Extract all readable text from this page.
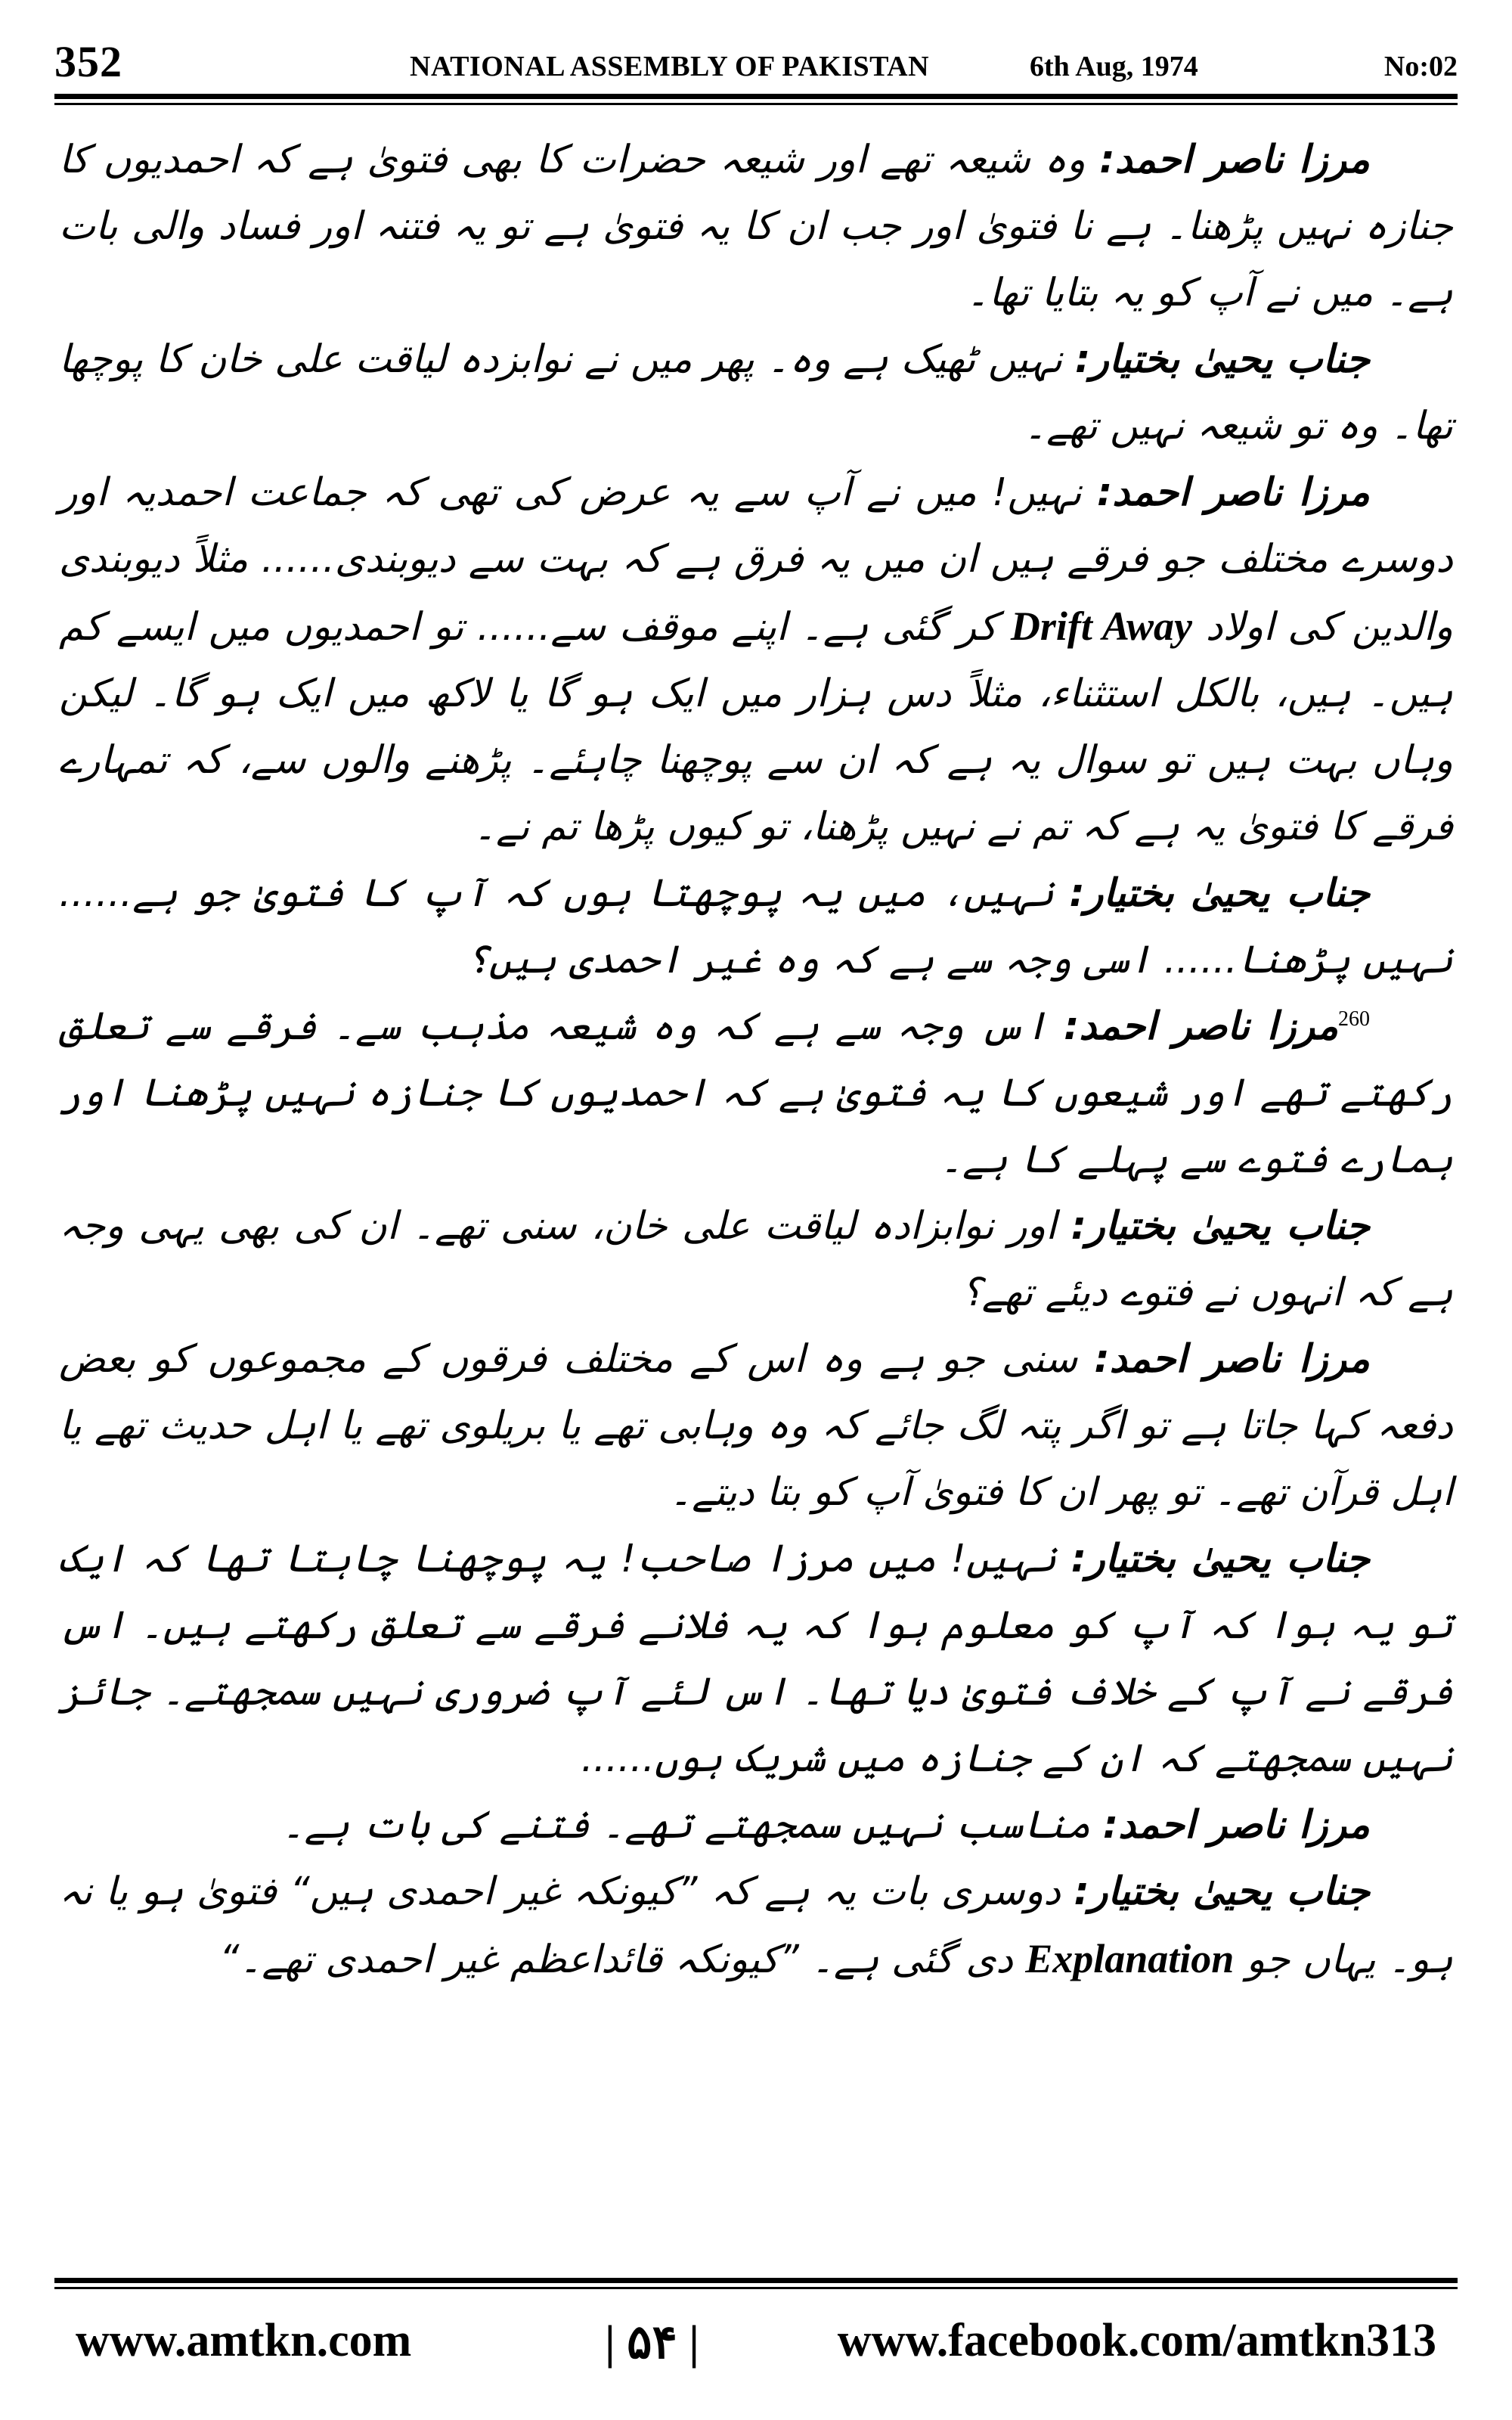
352	NATIONAL ASSEMBLY OF PAKISTAN	6th Aug, 1974	No:02

مرزا ناصر احمد: وہ شیعہ تھے اور شیعہ حضرات کا بھی فتویٰ ہے کہ احمدیوں کا جنازہ نہیں پڑھنا۔ ہے نا فتویٰ اور جب ان کا یہ فتویٰ ہے تو یہ فتنہ اور فساد والی بات ہے۔ میں نے آپ کو یہ بتایا تھا۔

جناب یحییٰ بختیار: نہیں ٹھیک ہے وہ۔ پھر میں نے نوابزدہ لیاقت علی خان کا پوچھا تھا۔ وہ تو شیعہ نہیں تھے۔

مرزا ناصر احمد: نہیں! میں نے آپ سے یہ عرض کی تھی کہ جماعت احمدیہ اور دوسرے مختلف جو فرقے ہیں ان میں یہ فرق ہے کہ بہت سے دیوبندی...... مثلاً دیوبندی والدین کی اولاد Drift Away کر گئی ہے۔ اپنے موقف سے...... تو احمدیوں میں ایسے کم ہیں۔ ہیں، بالکل استثناء، مثلاً دس ہزار میں ایک ہو گا یا لاکھ میں ایک ہو گا۔ لیکن وہاں بہت ہیں تو سوال یہ ہے کہ ان سے پوچھنا چاہئے۔ پڑھنے والوں سے، کہ تمہارے فرقے کا فتویٰ یہ ہے کہ تم نے نہیں پڑھنا، تو کیوں پڑھا تم نے۔

جناب یحییٰ بختیار: نہیں، میں یہ پوچھتا ہوں کہ آپ کا فتویٰ جو ہے...... نہیں پڑھنا...... اسی وجہ سے ہے کہ وہ غیر احمدی ہیں؟

$^{260}$مرزا ناصر احمد: اس وجہ سے ہے کہ وہ شیعہ مذہب سے۔ فرقے سے تعلق رکھتے تھے اور شیعوں کا یہ فتویٰ ہے کہ احمدیوں کا جنازہ نہیں پڑھنا اور ہمارے فتوے سے پہلے کا ہے۔

جناب یحییٰ بختیار: اور نوابزادہ لیاقت علی خان، سنی تھے۔ ان کی بھی یہی وجہ ہے کہ انہوں نے فتوے دیئے تھے؟

مرزا ناصر احمد: سنی جو ہے وہ اس کے مختلف فرقوں کے مجموعوں کو بعض دفعہ کہا جاتا ہے تو اگر پتہ لگ جائے کہ وہ وہابی تھے یا بریلوی تھے یا اہل حدیث تھے یا اہل قرآن تھے۔ تو پھر ان کا فتویٰ آپ کو بتا دیتے۔

جناب یحییٰ بختیار: نہیں! میں مرزا صاحب! یہ پوچھنا چاہتا تھا کہ ایک تو یہ ہوا کہ آپ کو معلوم ہوا کہ یہ فلانے فرقے سے تعلق رکھتے ہیں۔ اس فرقے نے آپ کے خلاف فتویٰ دیا تھا۔ اس لئے آپ ضروری نہیں سمجھتے۔ جائز نہیں سمجھتے کہ ان کے جنازہ میں شریک ہوں......

مرزا ناصر احمد: مناسب نہیں سمجھتے تھے۔ فتنے کی بات ہے۔

جناب یحییٰ بختیار: دوسری بات یہ ہے کہ ”کیونکہ غیر احمدی ہیں“ فتویٰ ہو یا نہ ہو۔ یہاں جو Explanation دی گئی ہے۔ ”کیونکہ قائداعظم غیر احمدی تھے۔“

www.amtkn.com	| ۵۴ |	www.facebook.com/amtkn313
